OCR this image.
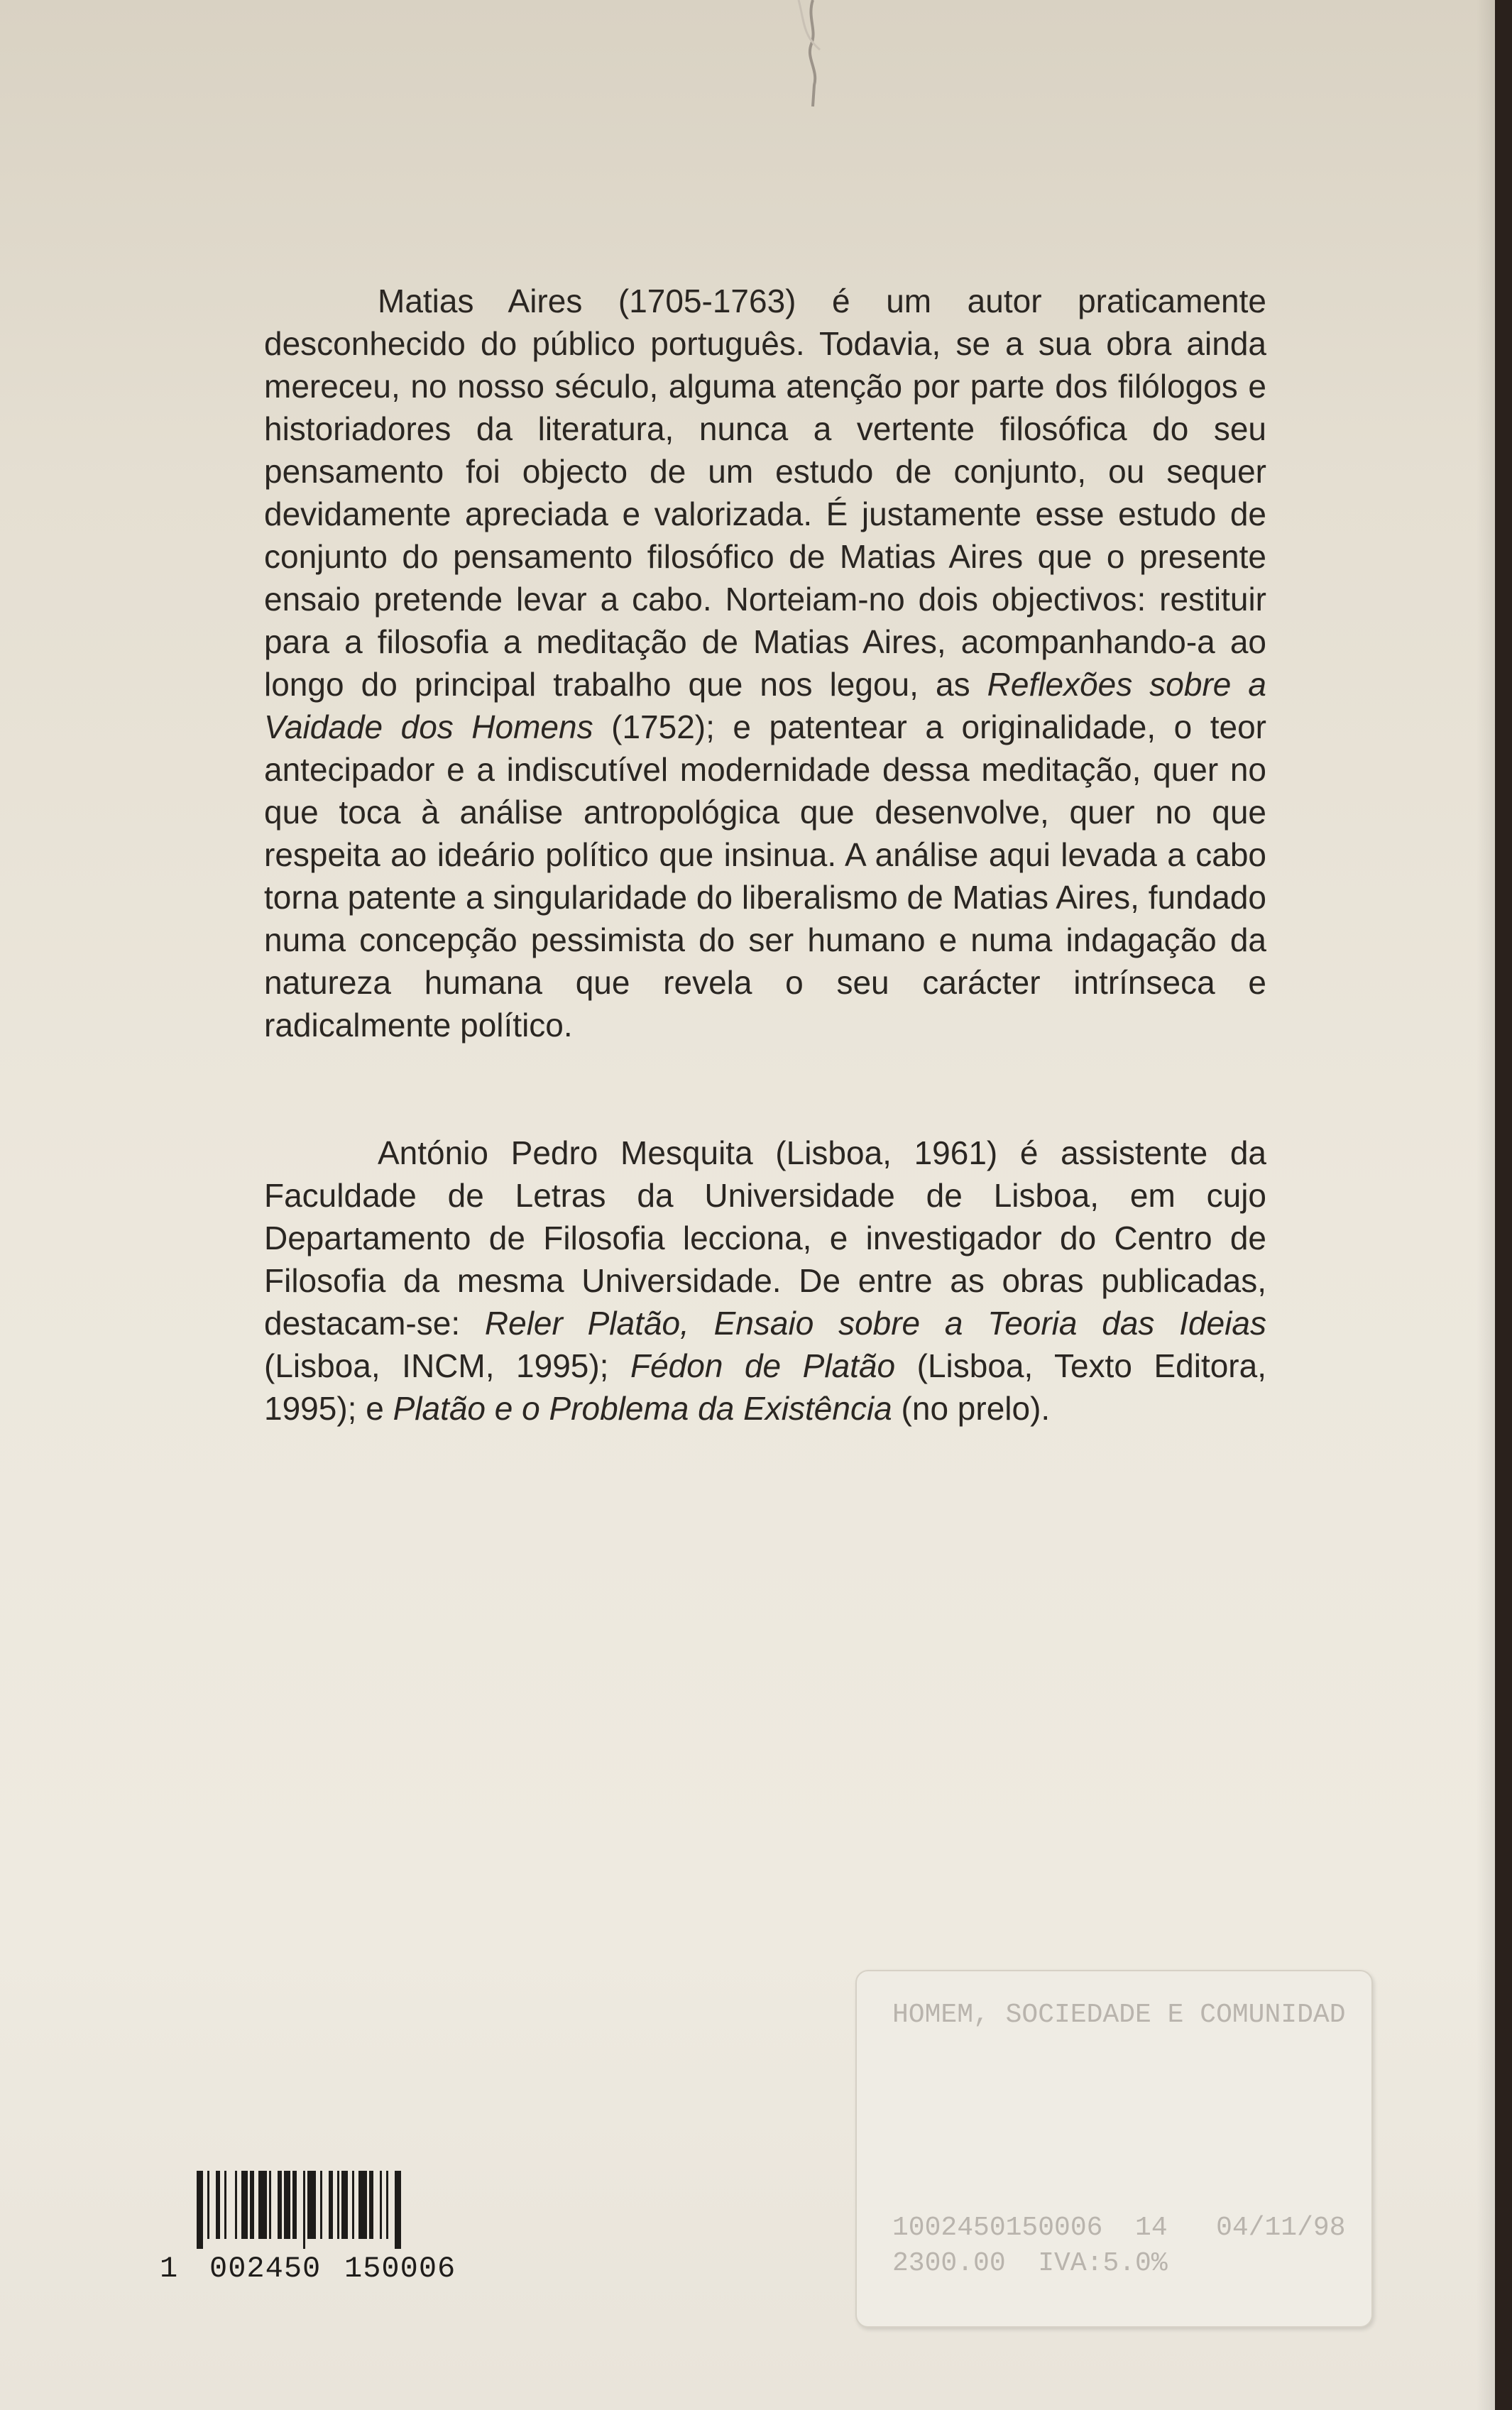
Matias Aires (1705-1763) é um autor praticamente desconhecido do público português. Todavia, se a sua obra ainda mereceu, no nosso século, alguma atenção por parte dos filólogos e historiadores da literatura, nunca a vertente filosófica do seu pensamento foi objecto de um estudo de conjunto, ou sequer devidamente apreciada e valorizada. É justamente esse estudo de conjunto do pensamento filosófico de Matias Aires que o presente ensaio pretende levar a cabo. Norteiam-no dois objectivos: restituir para a filosofia a meditação de Matias Aires, acompanhando-a ao longo do principal trabalho que nos legou, as Reflexões sobre a Vaidade dos Homens (1752); e patentear a originalidade, o teor antecipador e a indiscutível modernidade dessa meditação, quer no que toca à análise antropológica que desenvolve, quer no que respeita ao ideário político que insinua. A análise aqui levada a cabo torna patente a singularidade do liberalismo de Matias Aires, fundado numa concepção pessimista do ser humano e numa indagação da natureza humana que revela o seu carácter intrínseca e radicalmente político.

António Pedro Mesquita (Lisboa, 1961) é assistente da Faculdade de Letras da Universidade de Lisboa, em cujo Departamento de Filosofia lecciona, e investigador do Centro de Filosofia da mesma Universidade. De entre as obras publicadas, destacam-se: Reler Platão, Ensaio sobre a Teoria das Ideias (Lisboa, INCM, 1995); Fédon de Platão (Lisboa, Texto Editora, 1995); e Platão e o Problema da Existência (no prelo).

1 002450 150006
HOMEM, SOCIEDADE E COMUNIDAD
1002450150006  14   04/11/98
2300.00  IVA:5.0%
